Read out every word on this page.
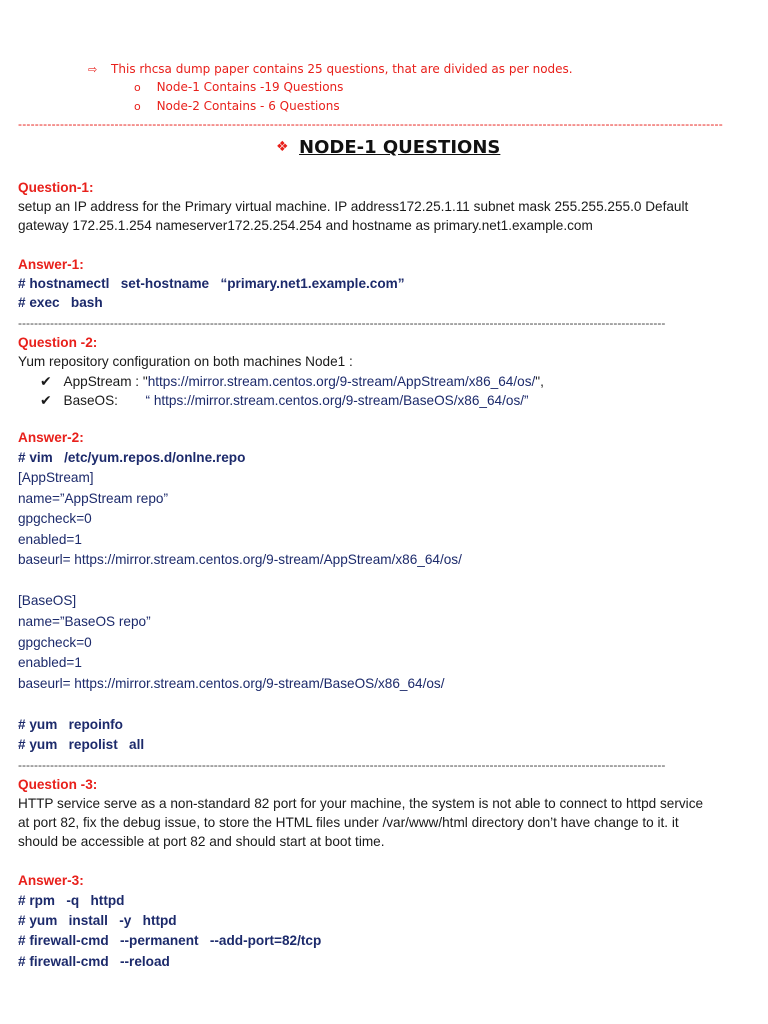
⇨ This rhcsa dump paper contains 25 questions, that are divided as per nodes.
o Node-1 Contains -19 Questions
o Node-2 Contains - 6 Questions
------------------------------------------------------------------------------------------------------------------------------------------------------------------------
❖ NODE-1 QUESTIONS
Question-1:
setup an IP address for the Primary virtual machine. IP address172.25.1.11 subnet mask 255.255.255.0 Default
gateway 172.25.1.254 nameserver172.25.254.254 and hostname as primary.net1.example.com
Answer-1:
# hostnamectl   set-hostname   “primary.net1.example.com”
# exec   bash
------------------------------------------------------------------------------------------------------------------------------------------------------------------
Question -2:
Yum repository configuration on both machines Node1 :
✔ AppStream : "https://mirror.stream.centos.org/9-stream/AppStream/x86_64/os/",
✔ BaseOS: “ https://mirror.stream.centos.org/9-stream/BaseOS/x86_64/os/”
Answer-2:
# vim   /etc/yum.repos.d/onlne.repo
[AppStream]
name=”AppStream repo”
gpgcheck=0
enabled=1
baseurl= https://mirror.stream.centos.org/9-stream/AppStream/x86_64/os/
[BaseOS]
name=”BaseOS repo”
gpgcheck=0
enabled=1
baseurl= https://mirror.stream.centos.org/9-stream/BaseOS/x86_64/os/
# yum   repoinfo
# yum   repolist   all
------------------------------------------------------------------------------------------------------------------------------------------------------------------
Question -3:
HTTP service serve as a non-standard 82 port for your machine, the system is not able to connect to httpd service
at port 82, fix the debug issue, to store the HTML files under /var/www/html directory don’t have change to it. it
should be accessible at port 82 and should start at boot time.
Answer-3:
# rpm   -q   httpd
# yum   install   -y   httpd
# firewall-cmd   --permanent   --add-port=82/tcp
# firewall-cmd   --reload
